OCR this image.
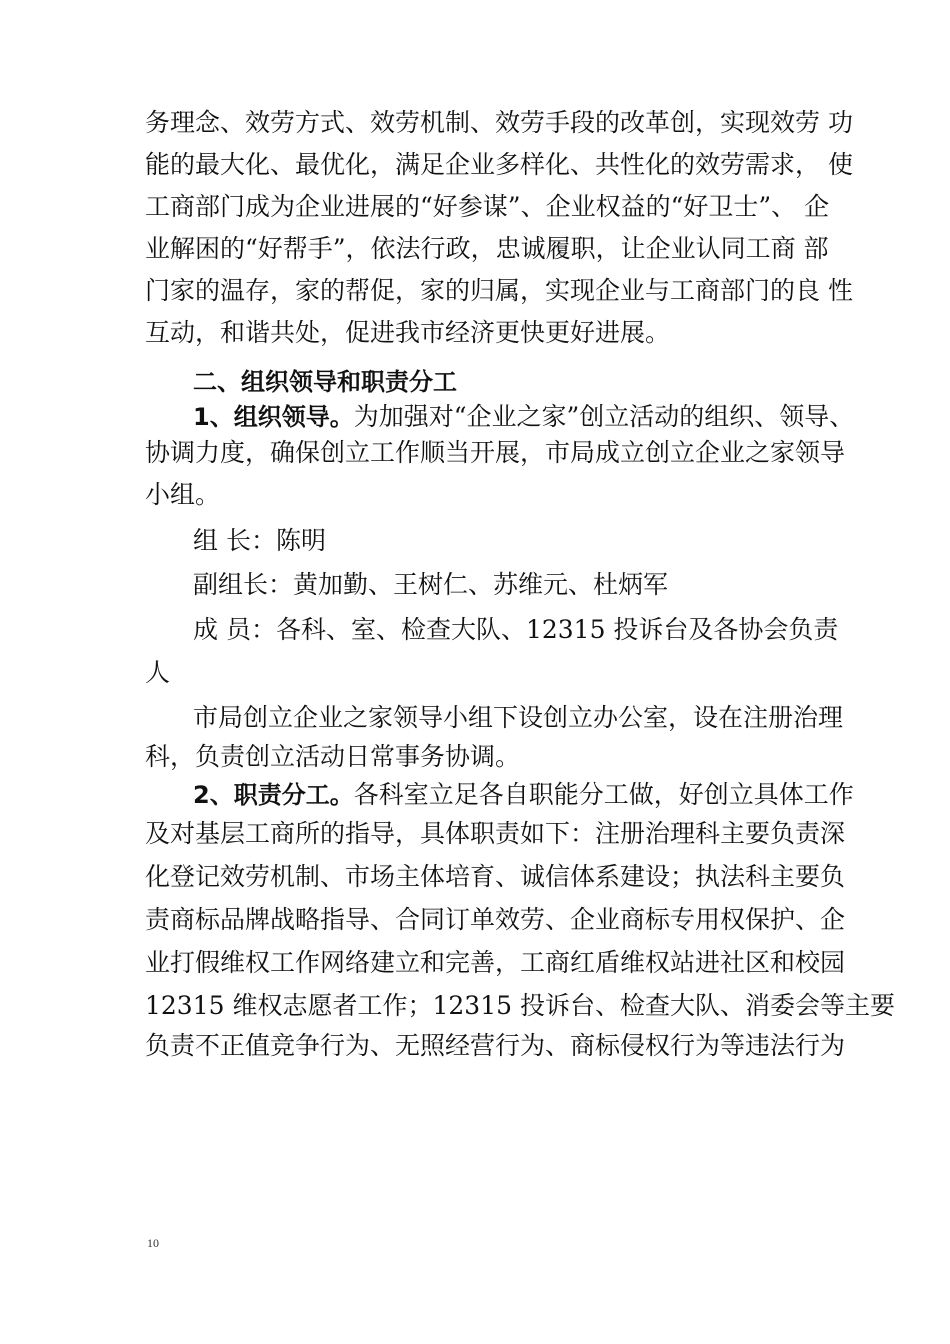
务理念、效劳方式、效劳机制、效劳手段的改革创，实现效劳 功
能的最大化、最优化，满足企业多样化、共性化的效劳需求， 使
工商部门成为企业进展的“好参谋”、企业权益的“好卫士”、 企
业解困的“好帮手”，依法行政，忠诚履职，让企业认同工商 部
门家的温存，家的帮促，家的归属，实现企业与工商部门的良 性
互动，和谐共处，促进我市经济更快更好进展。
二、组织领导和职责分工
1、组织领导。为加强对“企业之家”创立活动的组织、领导、
协调力度，确保创立工作顺当开展，市局成立创立企业之家领导
小组。
组 长：陈明
副组长：黄加勤、王树仁、苏维元、杜炳军
成 员：各科、室、检查大队、12315 投诉台及各协会负责
人
市局创立企业之家领导小组下设创立办公室，设在注册治理
科，负责创立活动日常事务协调。
2、职责分工。各科室立足各自职能分工做，好创立具体工作
及对基层工商所的指导，具体职责如下：注册治理科主要负责深
化登记效劳机制、市场主体培育、诚信体系建设；执法科主要负
责商标品牌战略指导、合同订单效劳、企业商标专用权保护、企
业打假维权工作网络建立和完善，工商红盾维权站进社区和校园
12315 维权志愿者工作；12315 投诉台、检查大队、消委会等主要
负责不正值竞争行为、无照经营行为、商标侵权行为等违法行为
10
